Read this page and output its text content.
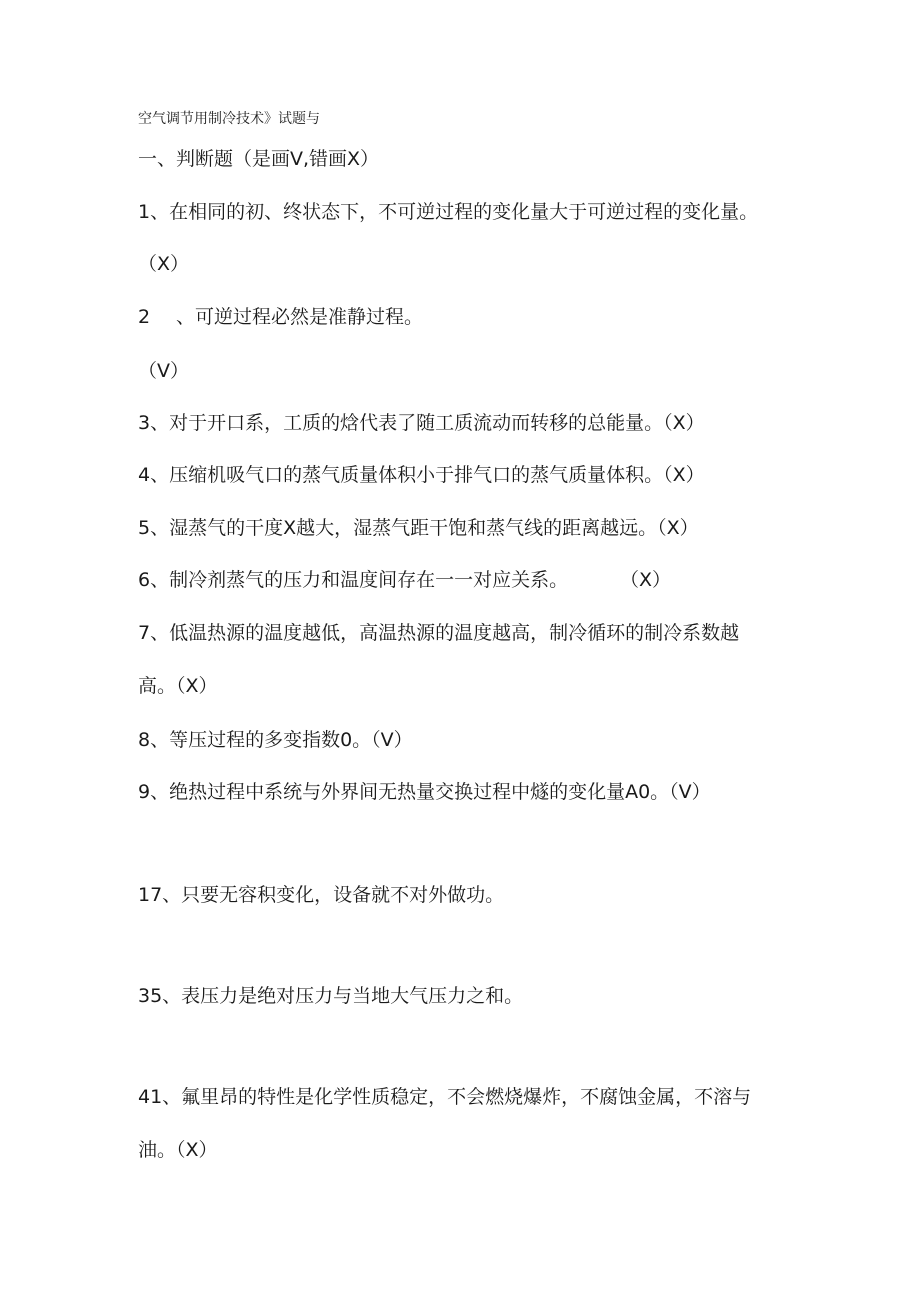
空气调节用制冷技术》试题与
一、判断题（是画V,错画X）
1、在相同的初、终状态下，不可逆过程的变化量大于可逆过程的变化量。
（X）
2 、可逆过程必然是准静过程。
（V）
3、对于开口系，工质的焓代表了随工质流动而转移的总能量。（X）
4、压缩机吸气口的蒸气质量体积小于排气口的蒸气质量体积。（X）
5、湿蒸气的干度X越大，湿蒸气距干饱和蒸气线的距离越远。（X）
6、制冷剂蒸气的压力和温度间存在一一对应关系。	（X）
7、低温热源的温度越低，高温热源的温度越高，制冷循环的制冷系数越
高。（X）
8、等压过程的多变指数0。（V）
9、绝热过程中系统与外界间无热量交换过程中燧的变化量A0。（V）
17、只要无容积变化，设备就不对外做功。
35、表压力是绝对压力与当地大气压力之和。
41、氟里昂的特性是化学性质稳定，不会燃烧爆炸，不腐蚀金属，不溶与
油。（X）
